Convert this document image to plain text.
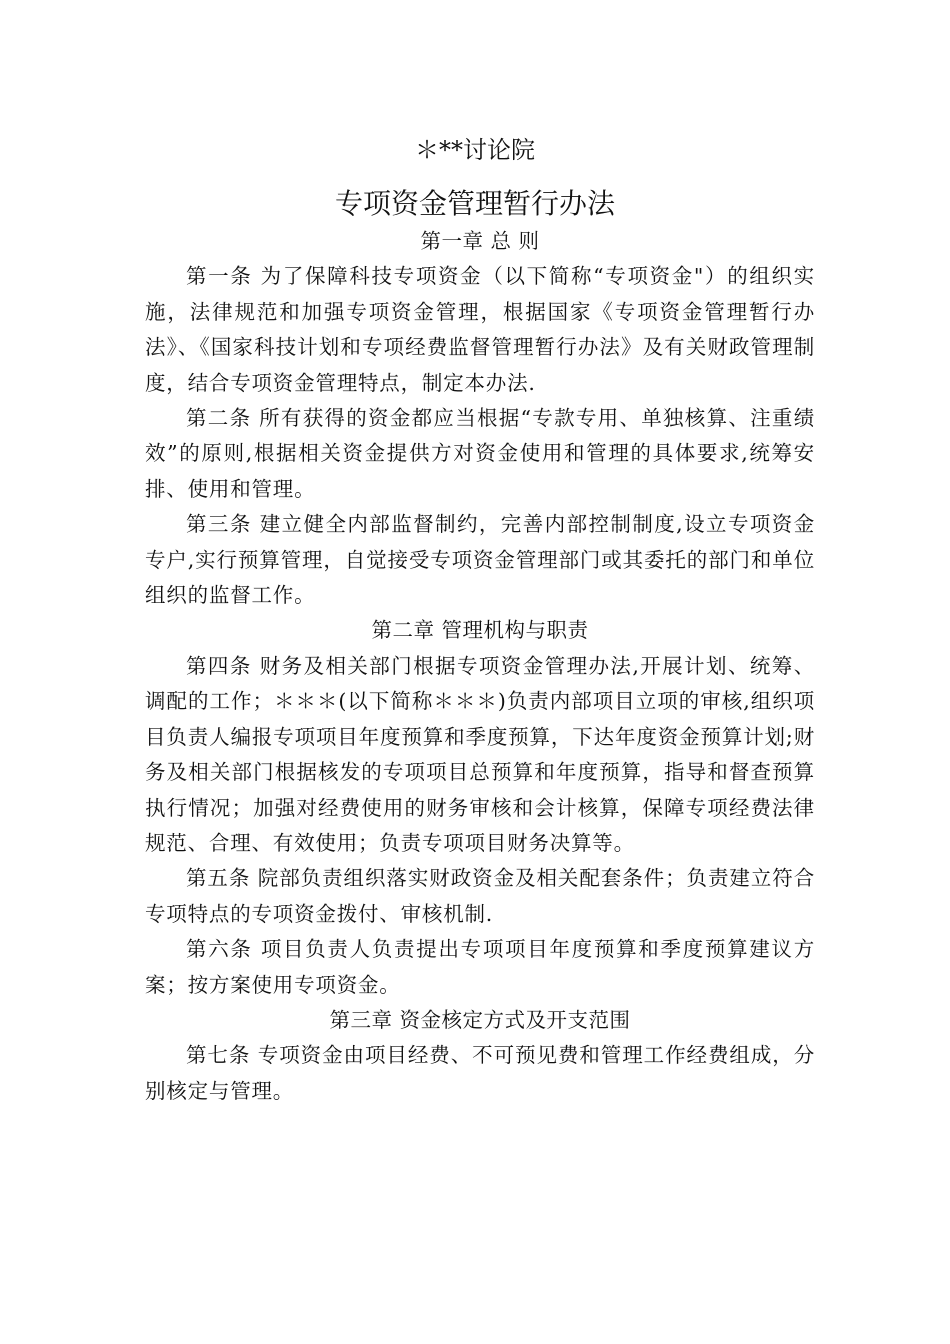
＊**讨论院
专项资金管理暂行办法

第一章 总 则

第一条 为了保障科技专项资金（以下简称“专项资金"）的组织实施，法律规范和加强专项资金管理，根据国家《专项资金管理暂行办法》、《国家科技计划和专项经费监督管理暂行办法》及有关财政管理制度，结合专项资金管理特点，制定本办法.

第二条 所有获得的资金都应当根据“专款专用、单独核算、注重绩效”的原则,根据相关资金提供方对资金使用和管理的具体要求,统筹安排、使用和管理。

第三条 建立健全内部监督制约，完善内部控制制度,设立专项资金专户,实行预算管理，自觉接受专项资金管理部门或其委托的部门和单位组织的监督工作。

第二章 管理机构与职责

第四条 财务及相关部门根据专项资金管理办法,开展计划、统筹、调配的工作；＊＊＊(以下简称＊＊＊)负责内部项目立项的审核,组织项目负责人编报专项项目年度预算和季度预算，下达年度资金预算计划;财务及相关部门根据核发的专项项目总预算和年度预算，指导和督查预算执行情况；加强对经费使用的财务审核和会计核算，保障专项经费法律规范、合理、有效使用；负责专项项目财务决算等。

第五条 院部负责组织落实财政资金及相关配套条件；负责建立符合专项特点的专项资金拨付、审核机制.

第六条 项目负责人负责提出专项项目年度预算和季度预算建议方案；按方案使用专项资金。

第三章 资金核定方式及开支范围

第七条 专项资金由项目经费、不可预见费和管理工作经费组成，分别核定与管理。
